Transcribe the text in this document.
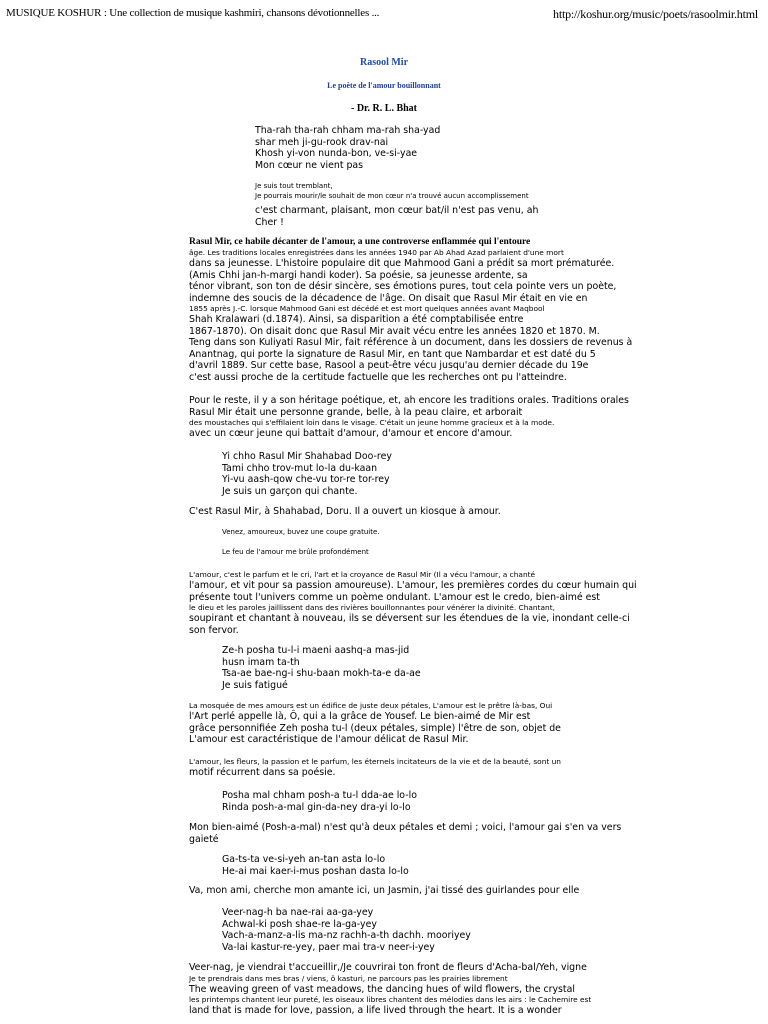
MUSIQUE KOSHUR : Une collection de musique kashmiri, chansons dévotionnelles ...	http://koshur.org/music/poets/rasoolmir.html
Rasool Mir
Le poète de l'amour bouillonnant
- Dr. R. L. Bhat
Tha-rah tha-rah chham ma-rah sha-yad
shar meh ji-gu-rook drav-nai
Khosh yi-von nunda-bon, ve-si-yae
Mon cœur ne vient pas
Je suis tout tremblant,
Je pourrais mourir/le souhait de mon cœur n'a trouvé aucun accomplissement
c'est charmant, plaisant, mon cœur bat/il n'est pas venu, ah
Cher !
Rasul Mir, ce habile décanter de l'amour, a une controverse enflammée qui l'entoure
âge. Les traditions locales enregistrées dans les années 1940 par Ab Ahad Azad parlaient d'une mort
dans sa jeunesse. L'histoire populaire dit que Mahmood Gani a prédit sa mort prématurée.
(Amis Chhi jan-h-margi handi koder). Sa poésie, sa jeunesse ardente, sa
ténor vibrant, son ton de désir sincère, ses émotions pures, tout cela pointe vers un poète,
indemne des soucis de la décadence de l'âge. On disait que Rasul Mir était en vie en
1855 après J.-C. lorsque Mahmood Gani est décédé et est mort quelques années avant Maqbool
Shah Kralawari (d.1874). Ainsi, sa disparition a été comptabilisée entre
1867-1870). On disait donc que Rasul Mir avait vécu entre les années 1820 et 1870. M.
Teng dans son Kuliyati Rasul Mir, fait référence à un document, dans les dossiers de revenus à
Anantnag, qui porte la signature de Rasul Mir, en tant que Nambardar et est daté du 5
d'avril 1889. Sur cette base, Rasool a peut-être vécu jusqu'au dernier décade du 19e
c'est aussi proche de la certitude factuelle que les recherches ont pu l'atteindre.
Pour le reste, il y a son héritage poétique, et, ah encore les traditions orales. Traditions orales
Rasul Mir était une personne grande, belle, à la peau claire, et arborait
des moustaches qui s'effilaient loin dans le visage. C'était un jeune homme gracieux et à la mode.
avec un cœur jeune qui battait d'amour, d'amour et encore d'amour.
Yi chho Rasul Mir Shahabad Doo-rey
Tami chho trov-mut lo-la du-kaan
Yi-vu aash-qow che-vu tor-re tor-rey
Je suis un garçon qui chante.
C'est Rasul Mir, à Shahabad, Doru. Il a ouvert un kiosque à amour.
Venez, amoureux, buvez une coupe gratuite.
Le feu de l'amour me brûle profondément
L'amour, c'est le parfum et le cri, l'art et la croyance de Rasul Mir (Il a vécu l'amour, a chanté
l'amour, et vit pour sa passion amoureuse). L'amour, les premières cordes du cœur humain qui
présente tout l'univers comme un poème ondulant. L'amour est le credo, bien-aimé est
le dieu et les paroles jaillissent dans des rivières bouillonnantes pour vénérer la divinité. Chantant,
soupirant et chantant à nouveau, ils se déversent sur les étendues de la vie, inondant celle-ci
son fervor.
Ze-h posha tu-l-i maeni aashq-a mas-jid
husn imam ta-th
Tsa-ae baе-ng-i shu-baan mokh-ta-e da-ae
Je suis fatigué
La mosquée de mes amours est un édifice de juste deux pétales, L'amour est le prêtre là-bas, Oui
l'Art perlé appelle là, Ô, qui a la grâce de Yousef. Le bien-aimé de Mir est
grâce personnifiée Zeh posha tu-l (deux pétales, simple) l'être de son, objet de
L'amour est caractéristique de l'amour délicat de Rasul Mir.
L'amour, les fleurs, la passion et le parfum, les éternels incitateurs de la vie et de la beauté, sont un
motif récurrent dans sa poésie.
Posha mal chham posh-a tu-l dda-ae lo-lo
Rinda posh-a-mal gin-da-ney dra-yi lo-lo
Mon bien-aimé (Posh-a-mal) n'est qu'à deux pétales et demi ; voici, l'amour gai s'en va vers
gaieté
Ga-ts-ta ve-si-yeh an-tan asta lo-lo
He-ai mai kaer-i-mus poshan dasta lo-lo
Va, mon ami, cherche mon amante ici, un Jasmin, j'ai tissé des guirlandes pour elle
Veer-nag-h ba nae-rai aa-ga-yey
Achwal-ki posh shae-re la-ga-yey
Vach-a-manz-a-lis ma-nz rachh-a-th dachh. mooriyey
Va-lai kastur-re-yey, paer mai tra-v neer-i-yey
Veer-nag, je viendrai t'accueillir,/Je couvrirai ton front de fleurs d'Acha-bal/Yeh, vigne
Je te prendrais dans mes bras / viens, ô kasturi, ne parcours pas les prairies librement
The weaving green of vast meadows, the dancing hues of wild flowers, the crystal
les printemps chantent leur pureté, les oiseaux libres chantent des mélodies dans les airs : le Cachemire est
land that is made for love, passion, a life lived through the heart. It is a wonder
